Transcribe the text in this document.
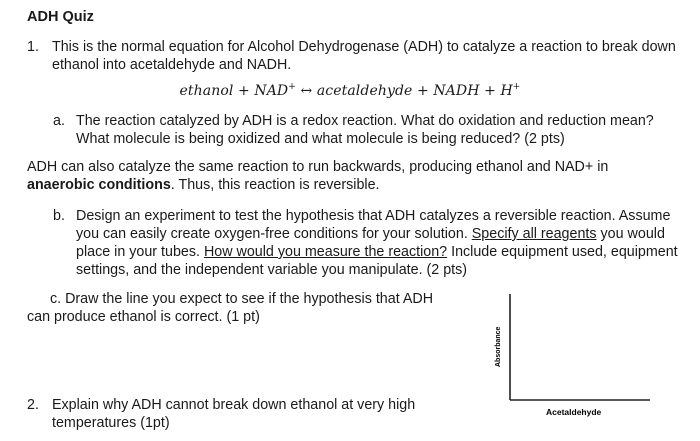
ADH Quiz
1. This is the normal equation for Alcohol Dehydrogenase (ADH) to catalyze a reaction to break down ethanol into acetaldehyde and NADH.
ethanol + NAD+ ↔ acetaldehyde + NADH + H+
a. The reaction catalyzed by ADH is a redox reaction. What do oxidation and reduction mean? What molecule is being oxidized and what molecule is being reduced? (2 pts)
ADH can also catalyze the same reaction to run backwards, producing ethanol and NAD+ in anaerobic conditions. Thus, this reaction is reversible.
b. Design an experiment to test the hypothesis that ADH catalyzes a reversible reaction. Assume you can easily create oxygen-free conditions for your solution. Specify all reagents you would place in your tubes. How would you measure the reaction? Include equipment used, equipment settings, and the independent variable you manipulate. (2 pts)
c. Draw the line you expect to see if the hypothesis that ADH
can produce ethanol is correct. (1 pt)
Absorbance
Acetaldehyde
2. Explain why ADH cannot break down ethanol at very high temperatures (1pt)
